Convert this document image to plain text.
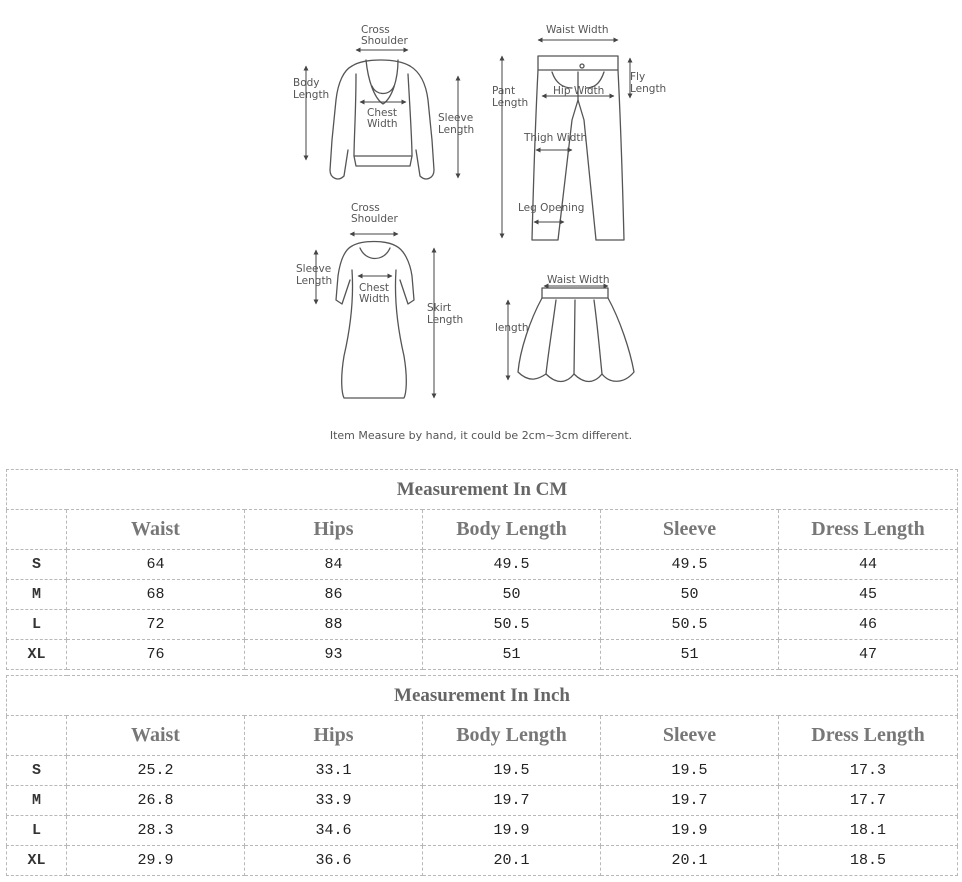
Cross
Shoulder
Body
Length
Chest
Width	Sleeve
Length
Waist Width
Pant
Length
Hip Width
Fly
Length
Thigh Width
Leg Opening
Cross
Shoulder
Sleeve
Length
Chest
Width
Skirt
Length
Waist Width
length
Item Measure by hand, it could be 2cm~3cm different.
Measurement In CM					
	Waist	Hips	Body Length	Sleeve	Dress Length
S	64	84	49.5	49.5	44
M	68	86	50	50	45
L	72	88	50.5	50.5	46
XL	76	93	51	51	47
Measurement In Inch					
	Waist	Hips	Body Length	Sleeve	Dress Length
S	25.2	33.1	19.5	19.5	17.3
M	26.8	33.9	19.7	19.7	17.7
L	28.3	34.6	19.9	19.9	18.1
XL	29.9	36.6	20.1	20.1	18.5
